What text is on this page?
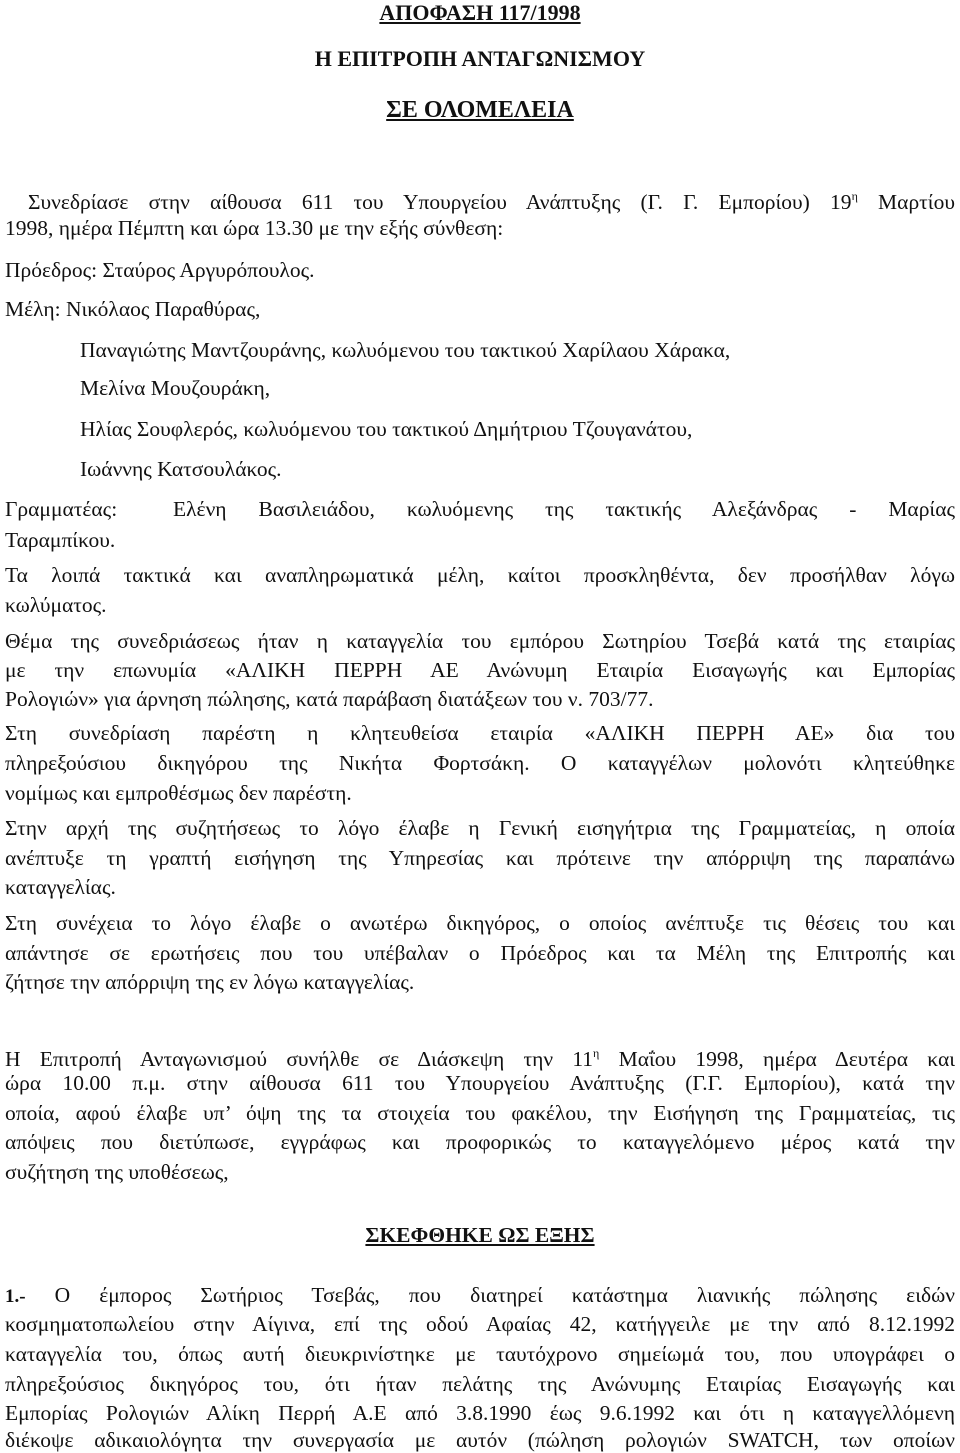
ΑΠΟΦΑΣΗ 117/1998
Η ΕΠΙΤΡΟΠΗ ΑΝΤΑΓΩΝΙΣΜΟΥ
ΣΕ ΟΛΟΜΕΛΕΙΑ
Συνεδρίασε στην αίθουσα 611 του Υπουργείου Ανάπτυξης (Γ. Γ. Εμπορίου) $19^\eta$ Μαρτίου
1998, ημέρα Πέμπτη και ώρα 13.30 με την εξής σύνθεση:
Πρόεδρος: Σταύρος Αργυρόπουλος.
Μέλη: Νικόλαος Παραθύρας,
Παναγιώτης Μαντζουράνης, κωλυόμενου του τακτικού Χαρίλαου Χάρακα,
Μελίνα Μουζουράκη,
Ηλίας Σουφλερός, κωλυόμενου του τακτικού Δημήτριου Τζουγανάτου,
Ιωάννης Κατσουλάκος.
Γραμματέας:	Ελένη Βασιλειάδου, κωλυόμενης της τακτικής Αλεξάνδρας - Μαρίας
Ταραμπίκου.
Τα λοιπά τακτικά και αναπληρωματικά μέλη, καίτοι προσκληθέντα, δεν προσήλθαν λόγω
κωλύματος.
Θέμα της συνεδριάσεως ήταν η καταγγελία του εμπόρου Σωτηρίου Τσεβά κατά της εταιρίας
με την επωνυμία «ΑΛΙΚΗ ΠΕΡΡΗ ΑΕ Ανώνυμη Εταιρία Εισαγωγής και Εμπορίας
Ρολογιών» για άρνηση πώλησης, κατά παράβαση διατάξεων του ν. 703/77.
Στη συνεδρίαση παρέστη η κλητευθείσα εταιρία «ΑΛΙΚΗ ΠΕΡΡΗ ΑΕ» δια του
πληρεξούσιου δικηγόρου της Νικήτα Φορτσάκη. Ο καταγγέλων μολονότι κλητεύθηκε
νομίμως και εμπροθέσμως δεν παρέστη.
Στην αρχή της συζητήσεως το λόγο έλαβε η Γενική εισηγήτρια της Γραμματείας, η οποία
ανέπτυξε τη γραπτή εισήγηση της Υπηρεσίας και πρότεινε την απόρριψη της παραπάνω
καταγγελίας.
Στη συνέχεια το λόγο έλαβε ο ανωτέρω δικηγόρος, ο οποίος ανέπτυξε τις θέσεις του και
απάντησε σε ερωτήσεις που του υπέβαλαν ο Πρόεδρος και τα Μέλη της Επιτροπής και
ζήτησε την απόρριψη της εν λόγω καταγγελίας.
Η Επιτροπή Ανταγωνισμού συνήλθε σε Διάσκεψη την $11^\eta$ Μαΐου 1998, ημέρα Δευτέρα και
ώρα 10.00 π.μ. στην αίθουσα 611 του Υπουργείου Ανάπτυξης (Γ.Γ. Εμπορίου), κατά την
οποία, αφού έλαβε υπ’ όψη της τα στοιχεία του φακέλου, την Εισήγηση της Γραμματείας, τις
απόψεις που διετύπωσε, εγγράφως και προφορικώς το καταγγελόμενο μέρος κατά την
συζήτηση της υποθέσεως,
ΣΚΕΦΘΗΚΕ ΩΣ ΕΞΗΣ
1.- Ο έμπορος Σωτήριος Τσεβάς, που διατηρεί κατάστημα λιανικής πώλησης ειδών
κοσμηματοπωλείου στην Αίγινα, επί της οδού Αφαίας 42, κατήγγειλε με την από 8.12.1992
καταγγελία του, όπως αυτή διευκρινίστηκε με ταυτόχρονο σημείωμά του, που υπογράφει ο
πληρεξούσιος δικηγόρος του, ότι ήταν πελάτης της Ανώνυμης Εταιρίας Εισαγωγής και
Εμπορίας Ρολογιών Αλίκη Περρή Α.Ε από 3.8.1990 έως 9.6.1992 και ότι η καταγγελλόμενη
διέκοψε αδικαιολόγητα την συνεργασία με αυτόν (πώληση ρολογιών SWATCH, των οποίων
